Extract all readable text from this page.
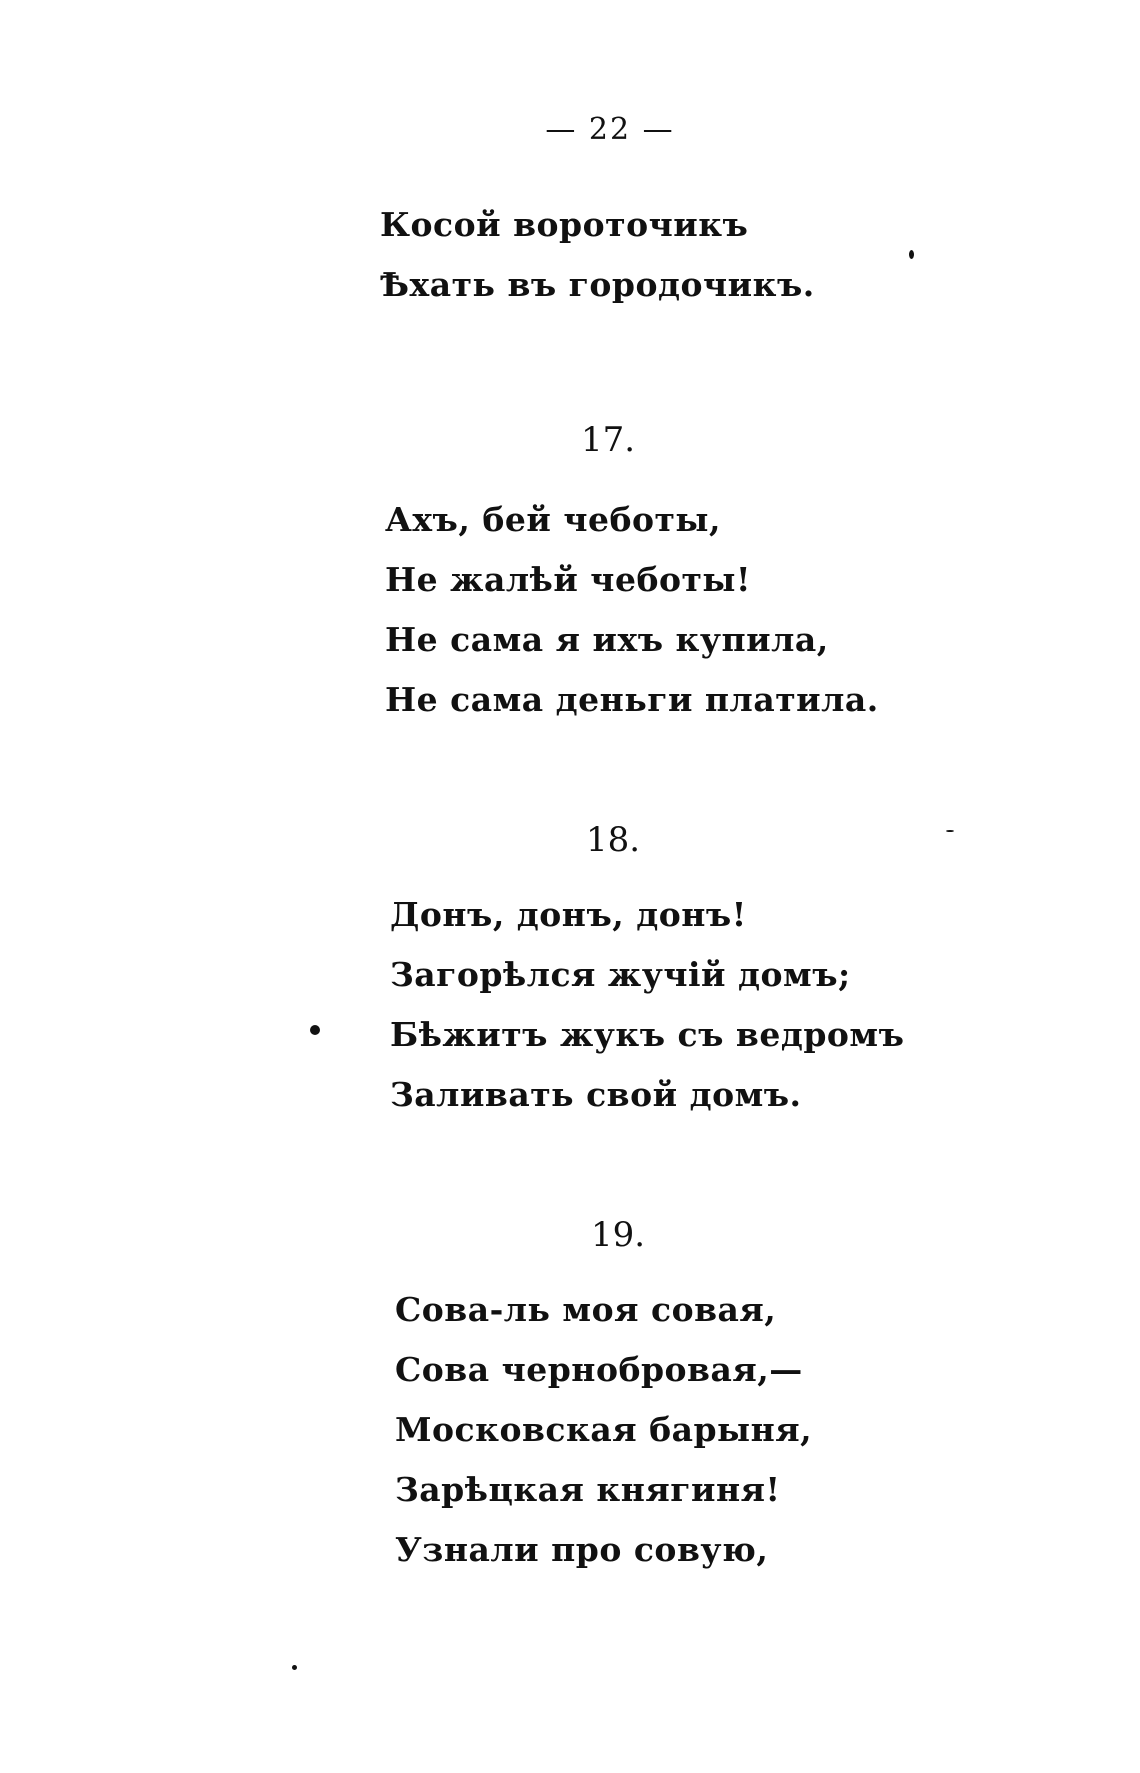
— 22 —
Косой вороточикъ
Ѣхать въ городочикъ.
17.
Ахъ, бей чеботы,
Не жалѣй чеботы!
Не сама я ихъ купила,
Не сама деньги платила.
18.
Донъ, донъ, донъ!
Загорѣлся жучій домъ;
Бѣжитъ жукъ съ ведромъ
Заливать свой домъ.
19.
Сова-ль моя совая,
Сова чернобровая,—
Московская барыня,
Зарѣцкая княгиня!
Узнали про совую,
